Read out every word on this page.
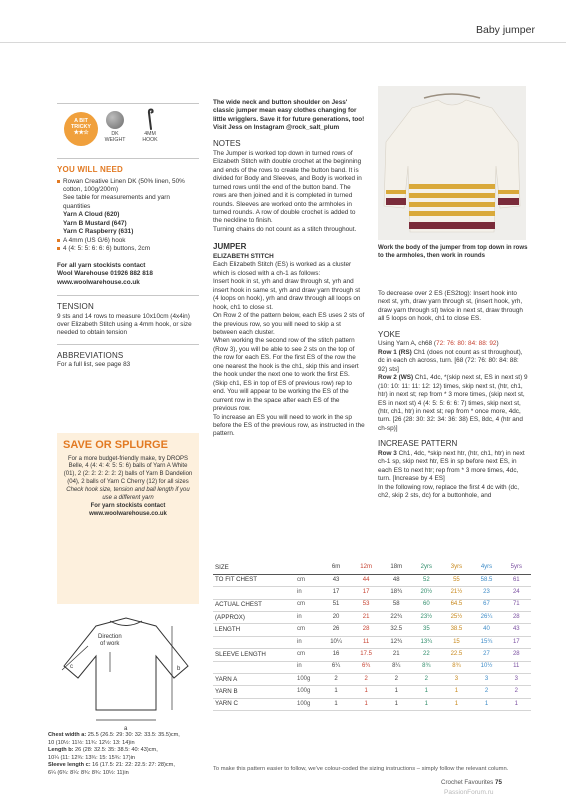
Baby jumper
A BIT
TRICKY
★★☆	DK
WEIGHT
4MM
HOOK
YOU WILL NEED
Rowan Creative Linen DK (50% linen, 50% cotton, 100g/200m)
See table for measurements and yarn quantities
Yarn A Cloud (620)
Yarn B Mustard (647)
Yarn C Raspberry (631)
A 4mm (US G/6) hook
4 (4: 5: 5: 6: 6: 6) buttons, 2cm
For all yarn stockists contact
Wool Warehouse 01926 882 818
www.woolwarehouse.co.uk
TENSION
9 sts and 14 rows to measure 10x10cm (4x4in) over Elizabeth Stitch using a 4mm hook, or size needed to obtain tension
ABBREVIATIONS
For a full list, see page 83
SAVE OR SPLURGE
For a more budget-friendly make, try DROPS Belle, 4 (4: 4: 4: 5: 5: 6) balls of Yarn A White (01), 2 (2: 2: 2: 2: 2: 2) balls of Yarn B Dandelion (04), 2 balls of Yarn C Cherry (12) for all sizes
Check hook size, tension and ball length if you use a different yarn
For yarn stockists contact
www.woolwarehouse.co.uk
Direction of work
a
b
c
Chest width a: 25.5 (26.5: 29: 30: 32: 33.5: 35.5)cm,
10 (10½: 11½: 11¾: 12½: 13: 14)in
Length b: 26 (28: 32.5: 35: 38.5: 40: 43)cm,
10¼ (11: 12¾: 13¾: 15: 15¾: 17)in
Sleeve length c: 16 (17.5: 21: 22: 22.5: 27: 28)cm,
6¼ (6¾: 8¼: 8¾: 8¾: 10½: 11)in
The wide neck and button shoulder on Jess' classic jumper mean easy clothes changing for little wrigglers. Save it for future generations, too! Visit Jess on Instagram @rock_salt_plum
NOTES
The Jumper is worked top down in turned rows of Elizabeth Stitch with double crochet at the beginning and ends of the rows to create the button band. It is divided for Body and Sleeves, and Body is worked in turned rows until the end of the button band. The rows are then joined and it is completed in turned rounds. Sleeves are worked onto the armholes in turned rounds. A row of double crochet is added to the neckline to finish.
Turning chains do not count as a stitch throughout.
JUMPER
ELIZABETH STITCH
Each Elizabeth Stitch (ES) is worked as a cluster which is closed with a ch-1 as follows:
Insert hook in st, yrh and draw through st, yrh and insert hook in same st, yrh and draw yarn through st (4 loops on hook), yrh and draw through all loops on hook, ch1 to close st.
On Row 2 of the pattern below, each ES uses 2 sts of the previous row, so you will need to skip a st between each cluster.
When working the second row of the stitch pattern (Row 3), you will be able to see 2 sts on the top of the row for each ES. For the first ES of the row the one nearest the hook is the ch1, skip this and insert the hook under the next one to work the first ES. (Skip ch1, ES in top of ES of previous row) rep to end. You will appear to be working the ES of the current row in the space after each ES of the previous row.
To increase an ES you will need to work in the sp before the ES of the previous row, as instructed in the pattern.
Work the body of the jumper from top down in rows to the armholes, then work in rounds
To decrease over 2 ES (ES2tog): Insert hook into next st, yrh, draw yarn through st, (insert hook, yrh, draw yarn through st) twice in next st, draw through all 5 loops on hook, ch1 to close ES.
YOKE
Using Yarn A, ch68 (72: 76: 80: 84: 88: 92)
Row 1 (RS) Ch1 (does not count as st throughout), dc in each ch across, turn. [68 (72: 76: 80: 84: 88: 92) sts]
Row 2 (WS) Ch1, 4dc, *(skip next st, ES in next st) 9 (10: 10: 11: 11: 12: 12) times, skip next st, (htr, ch1, htr) in next st; rep from * 3 more times, (skip next st, ES in next st) 4 (4: 5: 5: 6: 6: 7) times, skip next st, (htr, ch1, htr) in next st; rep from * once more, 4dc, turn. [26 (28: 30: 32: 34: 36: 38) ES, 8dc, 4 (htr and ch-sp)]
INCREASE PATTERN
Row 3 Ch1, 4dc, *skip next htr, (htr, ch1, htr) in next ch-1 sp, skip next htr, ES in sp before next ES, in each ES to next htr; rep from * 3 more times, 4dc, turn. [Increase by 4 ES]
In the following row, replace the first 4 dc with (dc, ch2, skip 2 sts, dc) for a buttonhole, and
SIZE		6m	12m	18m	2yrs	3yrs	4yrs	5yrs
TO FIT CHEST	cm	43	44	48	52	55	58.5	61
	in	17	17	18¾	20½	21½	23	24
ACTUAL CHEST	cm	51	53	58	60	64.5	67	71
(APPROX)	in	20	21	22¾	23½	25½	26¼	28
LENGTH	cm	26	28	32.5	35	38.5	40	43
	in	10¼	11	12¾	13¾	15	15¾	17
SLEEVE LENGTH	cm	16	17.5	21	22	22.5	27	28
	in	6¼	6¾	8¼	8¾	8¾	10½	11
YARN A	100g	2	2	2	2	3	3	3
YARN B	100g	1	1	1	1	1	2	2
YARN C	100g	1	1	1	1	1	1	1
To make this pattern easier to follow, we've colour-coded the sizing instructions – simply follow the relevant column.
Crochet Favourites 75
PassionForum.ru
